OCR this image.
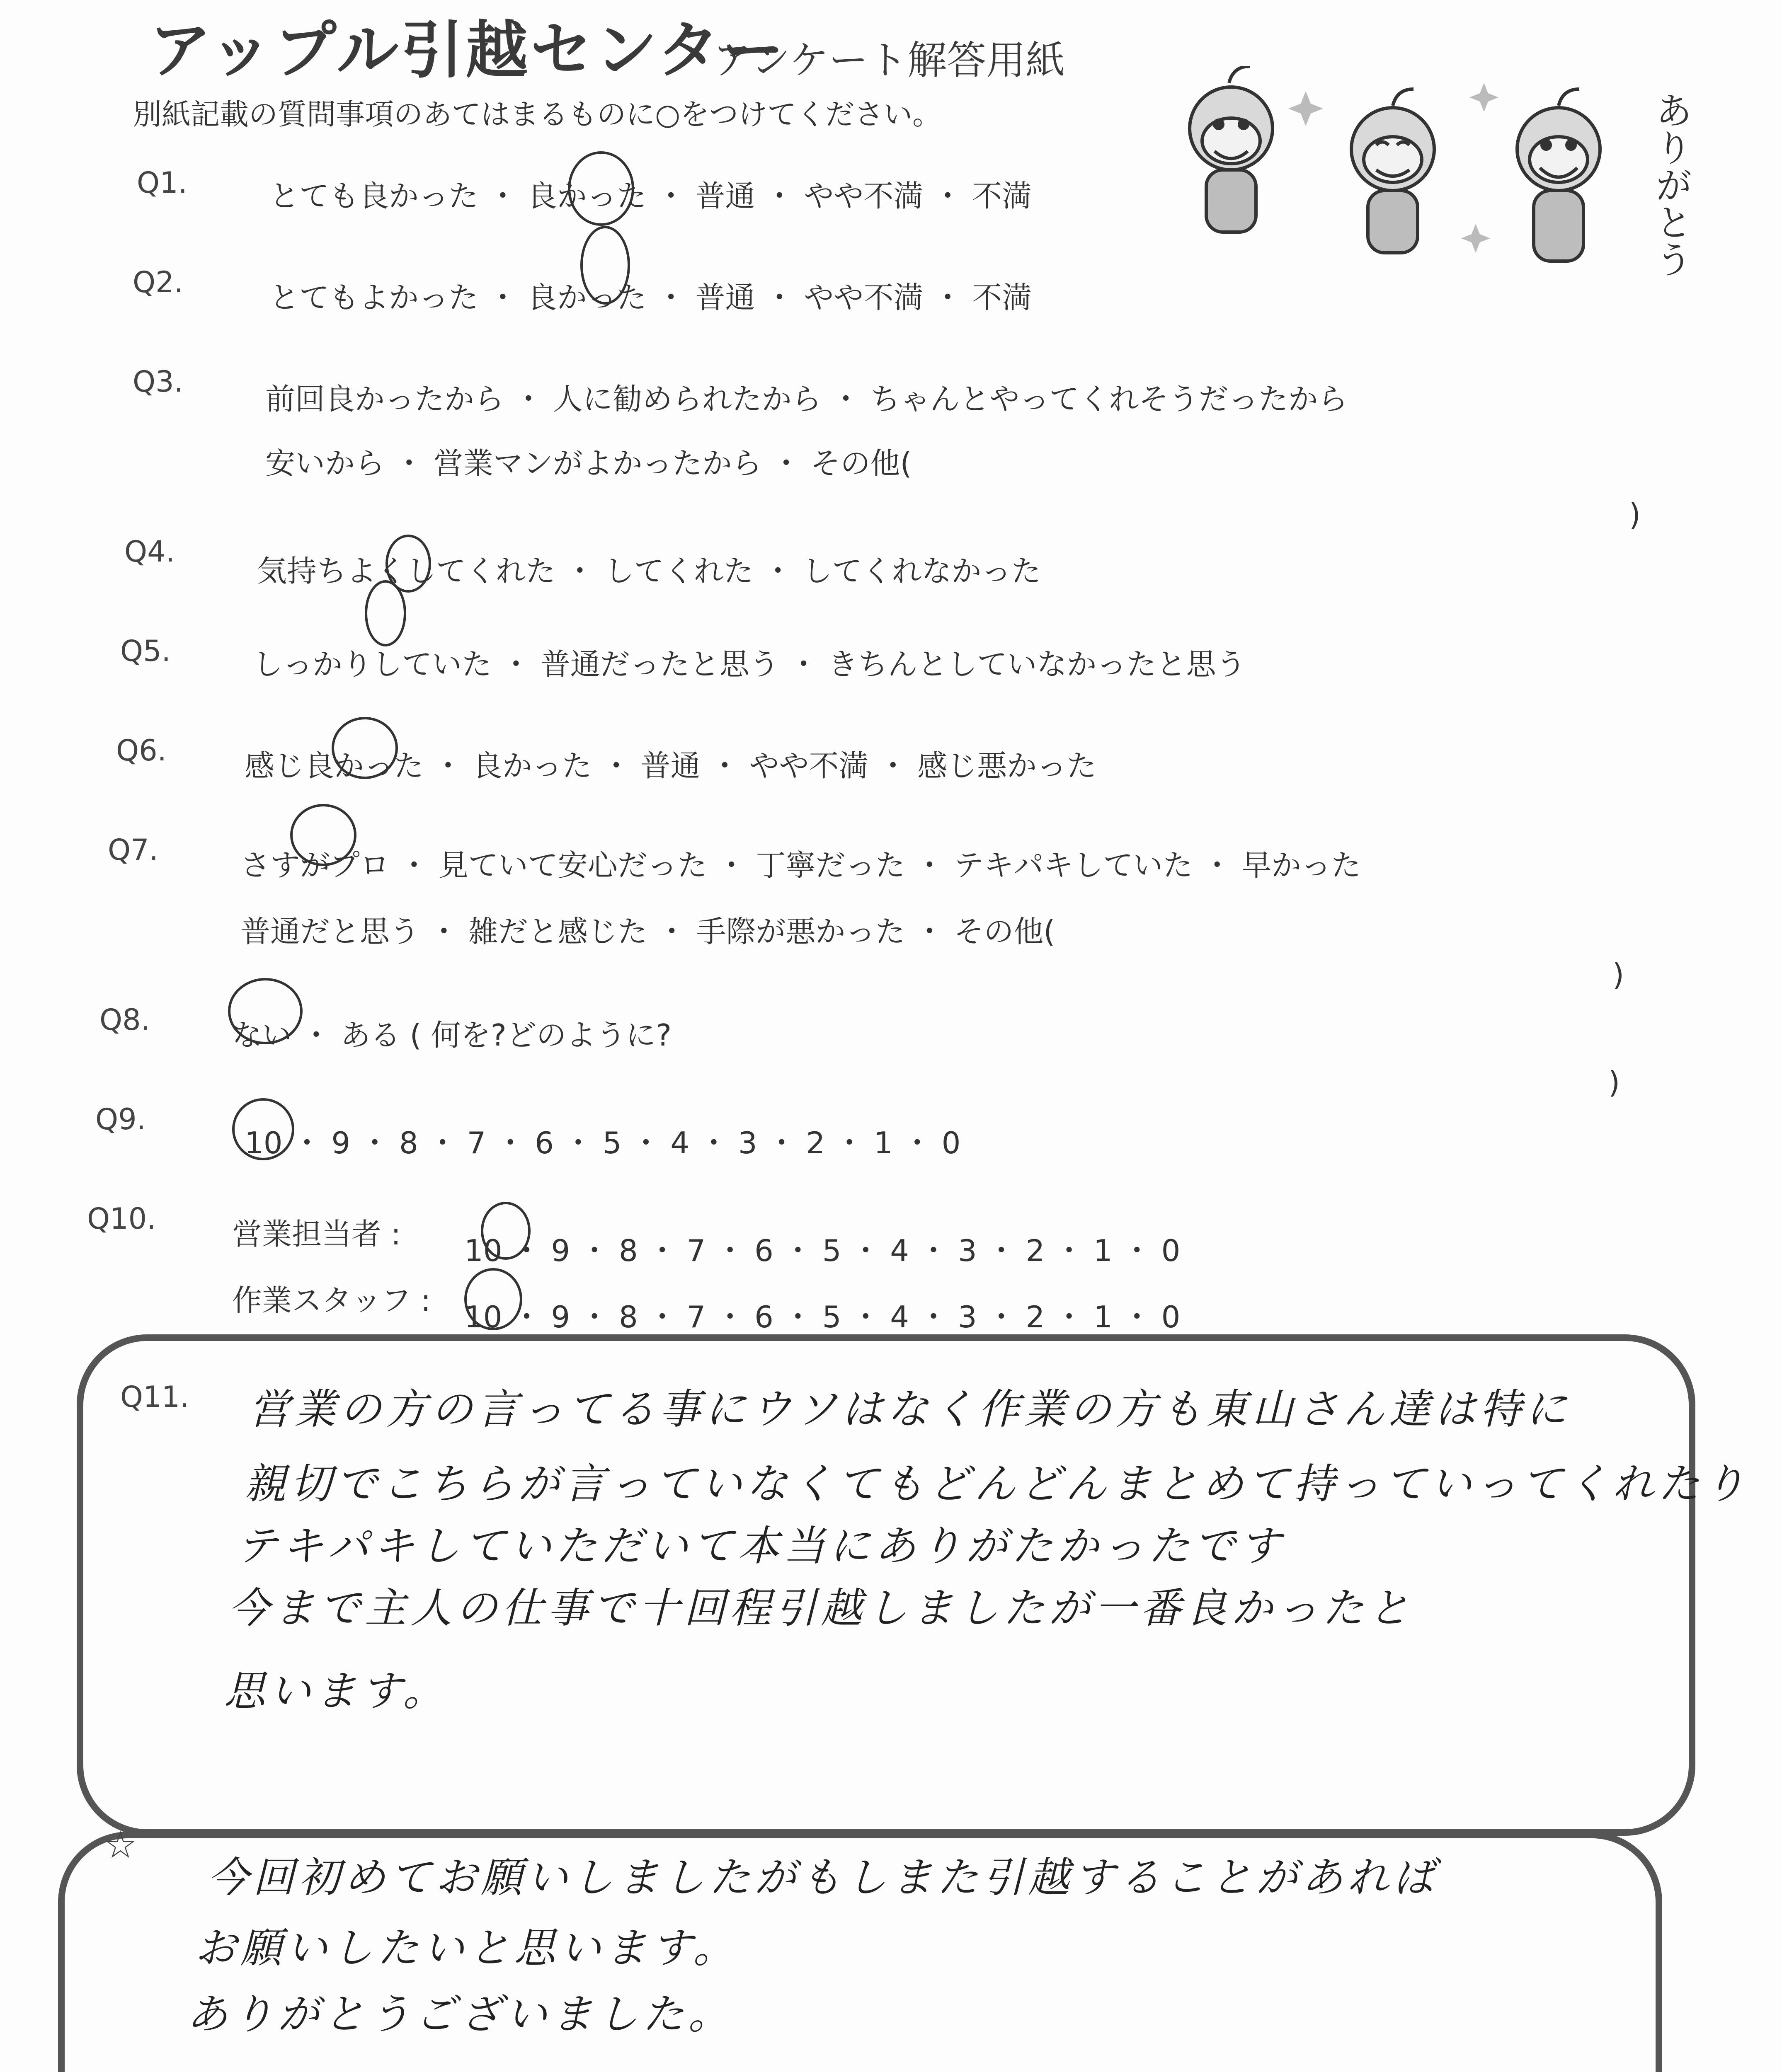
アップル引越センター
アンケート解答用紙
別紙記載の質問事項のあてはまるものに○をつけてください。	ありがとう
Q1.	とても良かった ・ 良かった ・ 普通 ・ やや不満 ・ 不満
Q2.	とてもよかった ・ 良かった ・ 普通 ・ やや不満 ・ 不満
Q3.	前回良かったから ・ 人に勧められたから ・ ちゃんとやってくれそうだったから
安いから ・ 営業マンがよかったから ・ その他(
)
Q4.
気持ちよくしてくれた ・ してくれた ・ してくれなかった
Q5.	しっかりしていた ・ 普通だったと思う ・ きちんとしていなかったと思う
Q6.	感じ良かった ・ 良かった ・ 普通 ・ やや不満 ・ 感じ悪かった
Q7.	さすがプロ ・ 見ていて安心だった ・ 丁寧だった ・ テキパキしていた ・ 早かった
普通だと思う ・ 雑だと感じた ・ 手際が悪かった ・ その他(
)
Q8.	ない ・ ある ( 何を?どのように?
)
Q9.
10 ・ 9 ・ 8 ・ 7 ・ 6 ・ 5 ・ 4 ・ 3 ・ 2 ・ 1 ・ 0
Q10.	営業担当者 : 10 ・ 9 ・ 8 ・ 7 ・ 6 ・ 5 ・ 4 ・ 3 ・ 2 ・ 1 ・ 0
作業スタッフ : 10 ・ 9 ・ 8 ・ 7 ・ 6 ・ 5 ・ 4 ・ 3 ・ 2 ・ 1 ・ 0
Q11. 営業の方の言ってる事にウソはなく作業の方も東山さん達は特に
親切でこちらが言っていなくてもどんどんまとめて持っていってくれたり
テキパキしていただいて本当にありがたかったです
今まで主人の仕事で十回程引越しましたが一番良かったと
思います。
☆
今回初めてお願いしましたがもしまた引越することがあれば
お願いしたいと思います。
ありがとうございました。
